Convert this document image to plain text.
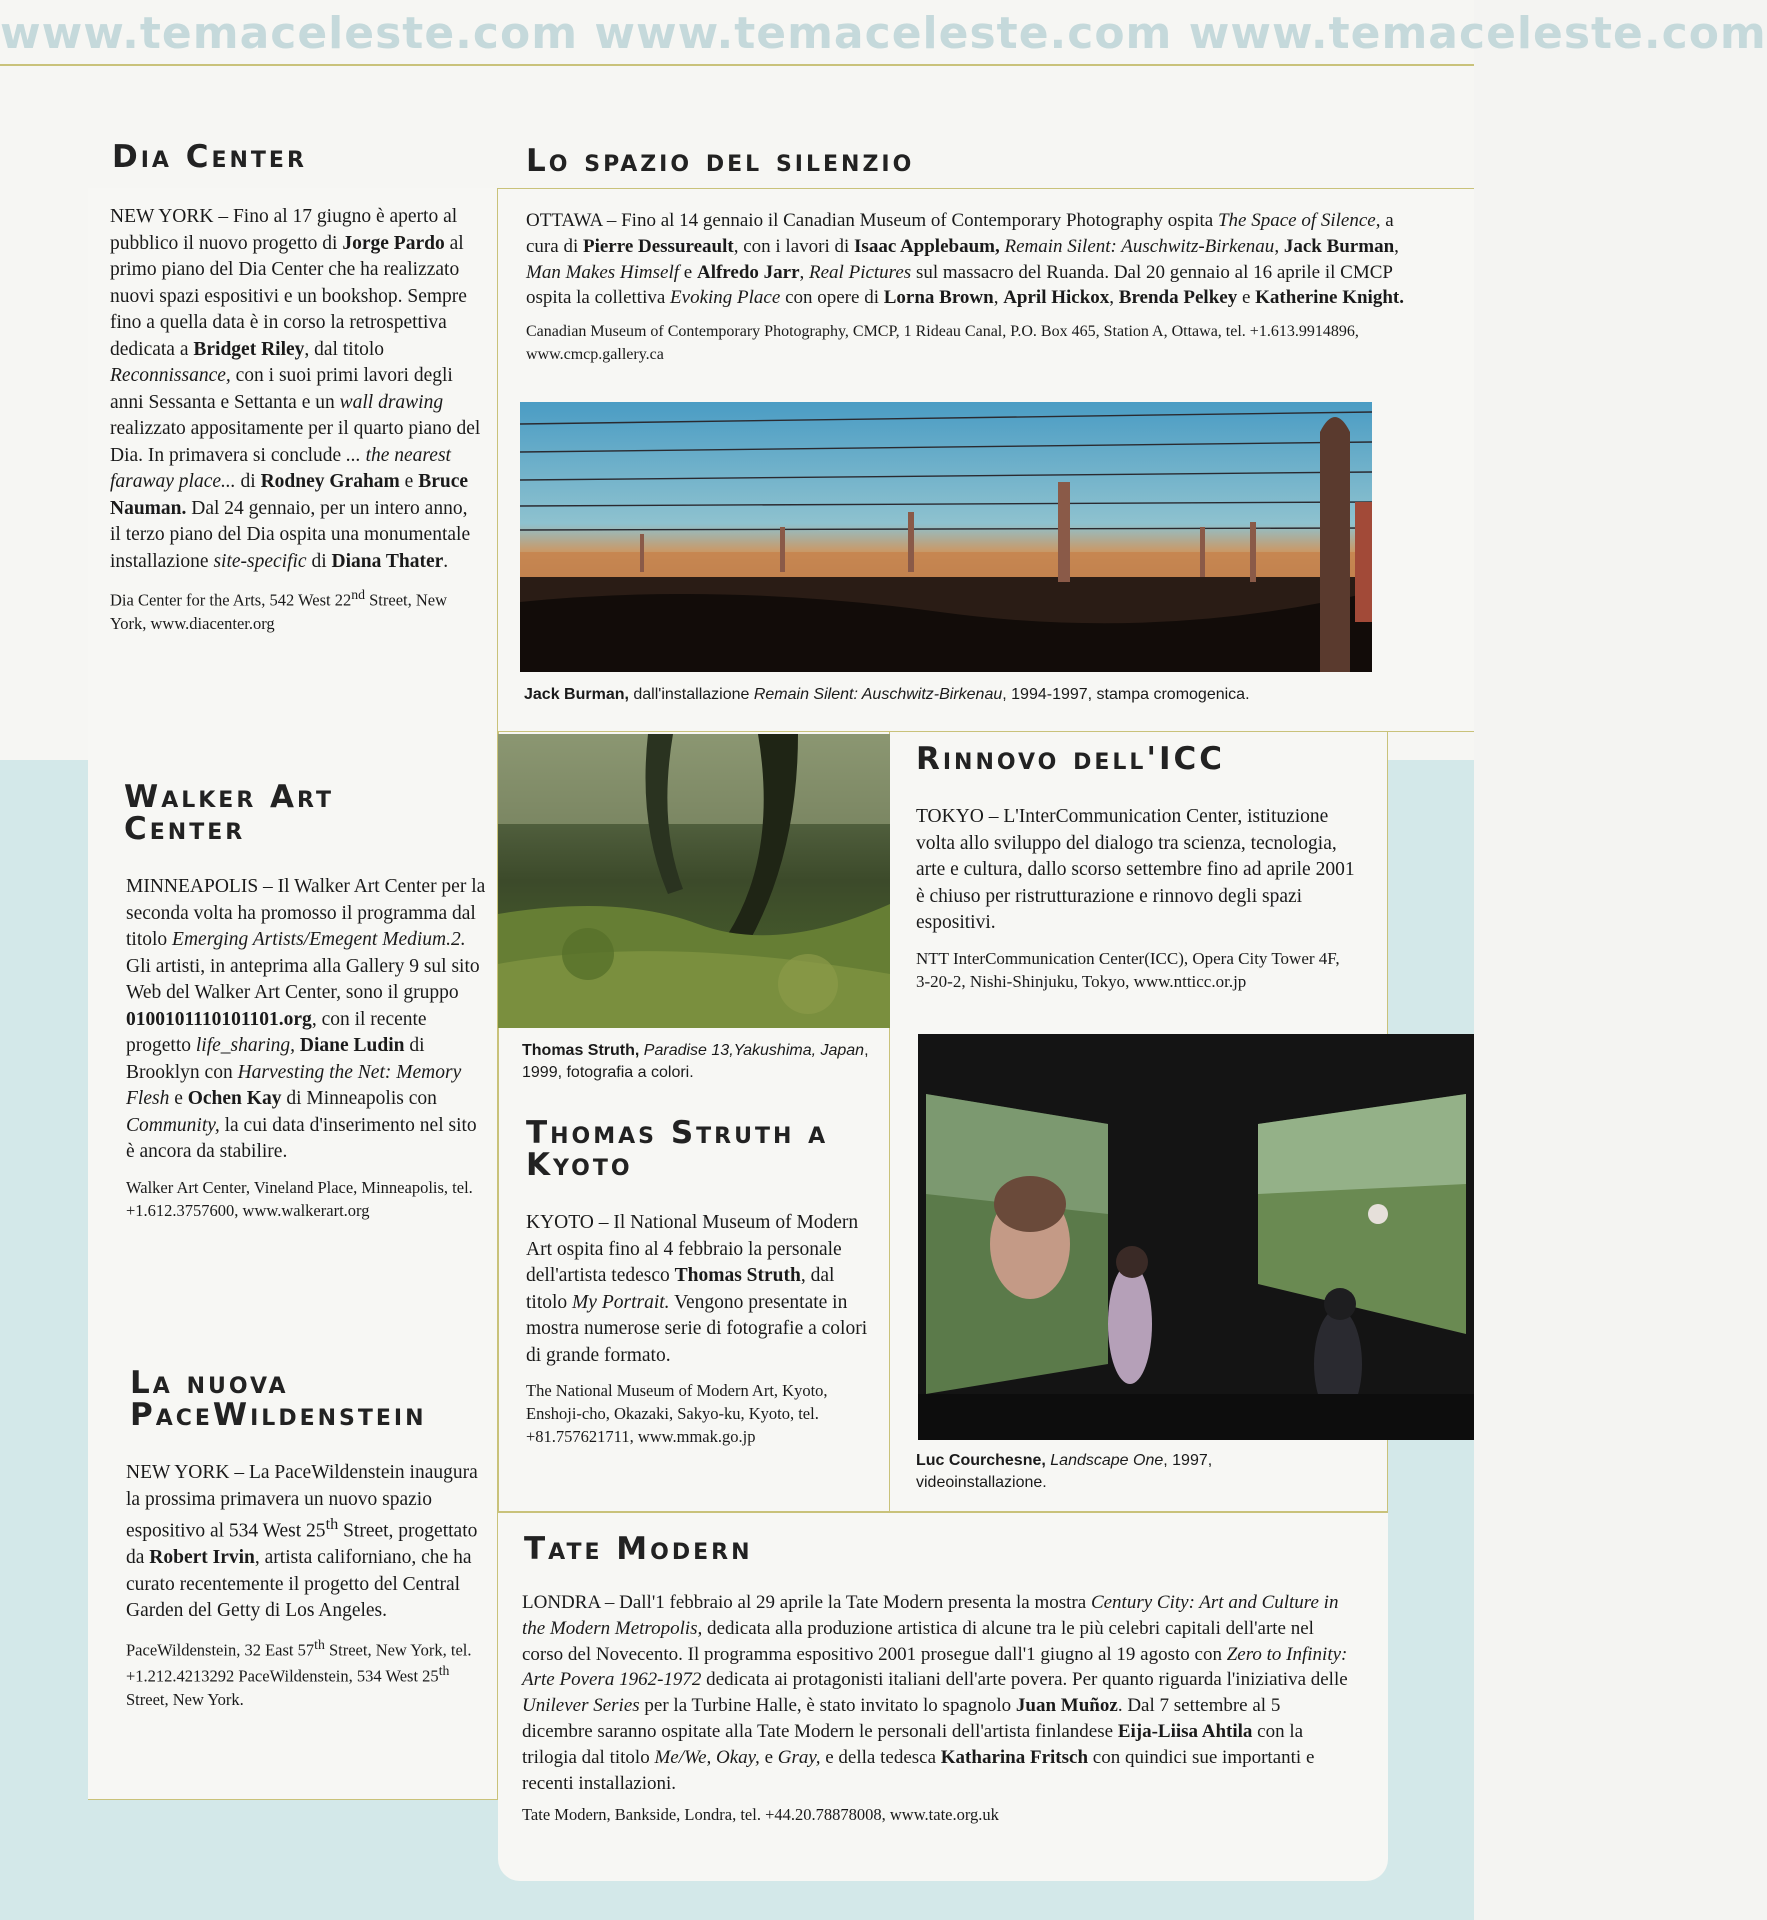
www.temaceleste.com www.temaceleste.com www.temaceleste.com
Dia Center

NEW YORK – Fino al 17 giugno è aperto al pubblico il nuovo progetto di Jorge Pardo al primo piano del Dia Center che ha realizzato nuovi spazi espositivi e un bookshop. Sempre fino a quella data è in corso la retrospettiva dedicata a Bridget Riley, dal titolo Reconnissance, con i suoi primi lavori degli anni Sessanta e Settanta e un wall drawing realizzato appositamente per il quarto piano del Dia. In primavera si conclude ... the nearest faraway place... di Rodney Graham e Bruce Nauman. Dal 24 gennaio, per un intero anno, il terzo piano del Dia ospita una monumentale installazione site-specific di Diana Thater.

Dia Center for the Arts, 542 West 22nd Street, New York, www.diacenter.org

Walker Art Center

MINNEAPOLIS – Il Walker Art Center per la seconda volta ha promosso il programma dal titolo Emerging Artists/Emegent Medium.2. Gli artisti, in anteprima alla Gallery 9 sul sito Web del Walker Art Center, sono il gruppo 0100101110101101.org, con il recente progetto life_sharing, Diane Ludin di Brooklyn con Harvesting the Net: Memory Flesh e Ochen Kay di Minneapolis con Community, la cui data d'inserimento nel sito è ancora da stabilire.

Walker Art Center, Vineland Place, Minneapolis, tel. +1.612.3757600, www.walkerart.org

La nuova PaceWildenstein

NEW YORK – La PaceWildenstein inaugura la prossima primavera un nuovo spazio espositivo al 534 West 25th Street, progettato da Robert Irvin, artista californiano, che ha curato recentemente il progetto del Central Garden del Getty di Los Angeles.

PaceWildenstein, 32 East 57th Street, New York, tel. +1.212.4213292 PaceWildenstein, 534 West 25th Street, New York.

Lo spazio del silenzio

OTTAWA – Fino al 14 gennaio il Canadian Museum of Contemporary Photography ospita The Space of Silence, a cura di Pierre Dessureault, con i lavori di Isaac Applebaum, Remain Silent: Auschwitz-Birkenau, Jack Burman, Man Makes Himself e Alfredo Jarr, Real Pictures sul massacro del Ruanda. Dal 20 gennaio al 16 aprile il CMCP ospita la collettiva Evoking Place con opere di Lorna Brown, April Hickox, Brenda Pelkey e Katherine Knight.

Canadian Museum of Contemporary Photography, CMCP, 1 Rideau Canal, P.O. Box 465, Station A, Ottawa, tel. +1.613.9914896, www.cmcp.gallery.ca

Jack Burman, dall'installazione Remain Silent: Auschwitz-Birkenau, 1994-1997, stampa cromogenica.

Thomas Struth, Paradise 13,Yakushima, Japan, 1999, fotografia a colori.

Thomas Struth a Kyoto

KYOTO – Il National Museum of Modern Art ospita fino al 4 febbraio la personale dell'artista tedesco Thomas Struth, dal titolo My Portrait. Vengono presentate in mostra numerose serie di fotografie a colori di grande formato.

The National Museum of Modern Art, Kyoto, Enshoji-cho, Okazaki, Sakyo-ku, Kyoto, tel. +81.757621711, www.mmak.go.jp

Rinnovo dell'ICC

TOKYO – L'InterCommunication Center, istituzione volta allo sviluppo del dialogo tra scienza, tecnologia, arte e cultura, dallo scorso settembre fino ad aprile 2001 è chiuso per ristrutturazione e rinnovo degli spazi espositivi.

NTT InterCommunication Center(ICC), Opera City Tower 4F, 3-20-2, Nishi-Shinjuku, Tokyo, www.ntticc.or.jp

Luc Courchesne, Landscape One, 1997, videoinstallazione.

Tate Modern

LONDRA – Dall'1 febbraio al 29 aprile la Tate Modern presenta la mostra Century City: Art and Culture in the Modern Metropolis, dedicata alla produzione artistica di alcune tra le più celebri capitali dell'arte nel corso del Novecento. Il programma espositivo 2001 prosegue dall'1 giugno al 19 agosto con Zero to Infinity: Arte Povera 1962-1972 dedicata ai protagonisti italiani dell'arte povera. Per quanto riguarda l'iniziativa delle Unilever Series per la Turbine Halle, è stato invitato lo spagnolo Juan Muñoz. Dal 7 settembre al 5 dicembre saranno ospitate alla Tate Modern le personali dell'artista finlandese Eija-Liisa Ahtila con la trilogia dal titolo Me/We, Okay, e Gray, e della tedesca Katharina Fritsch con quindici sue importanti e recenti installazioni.

Tate Modern, Bankside, Londra, tel. +44.20.78878008, www.tate.org.uk
